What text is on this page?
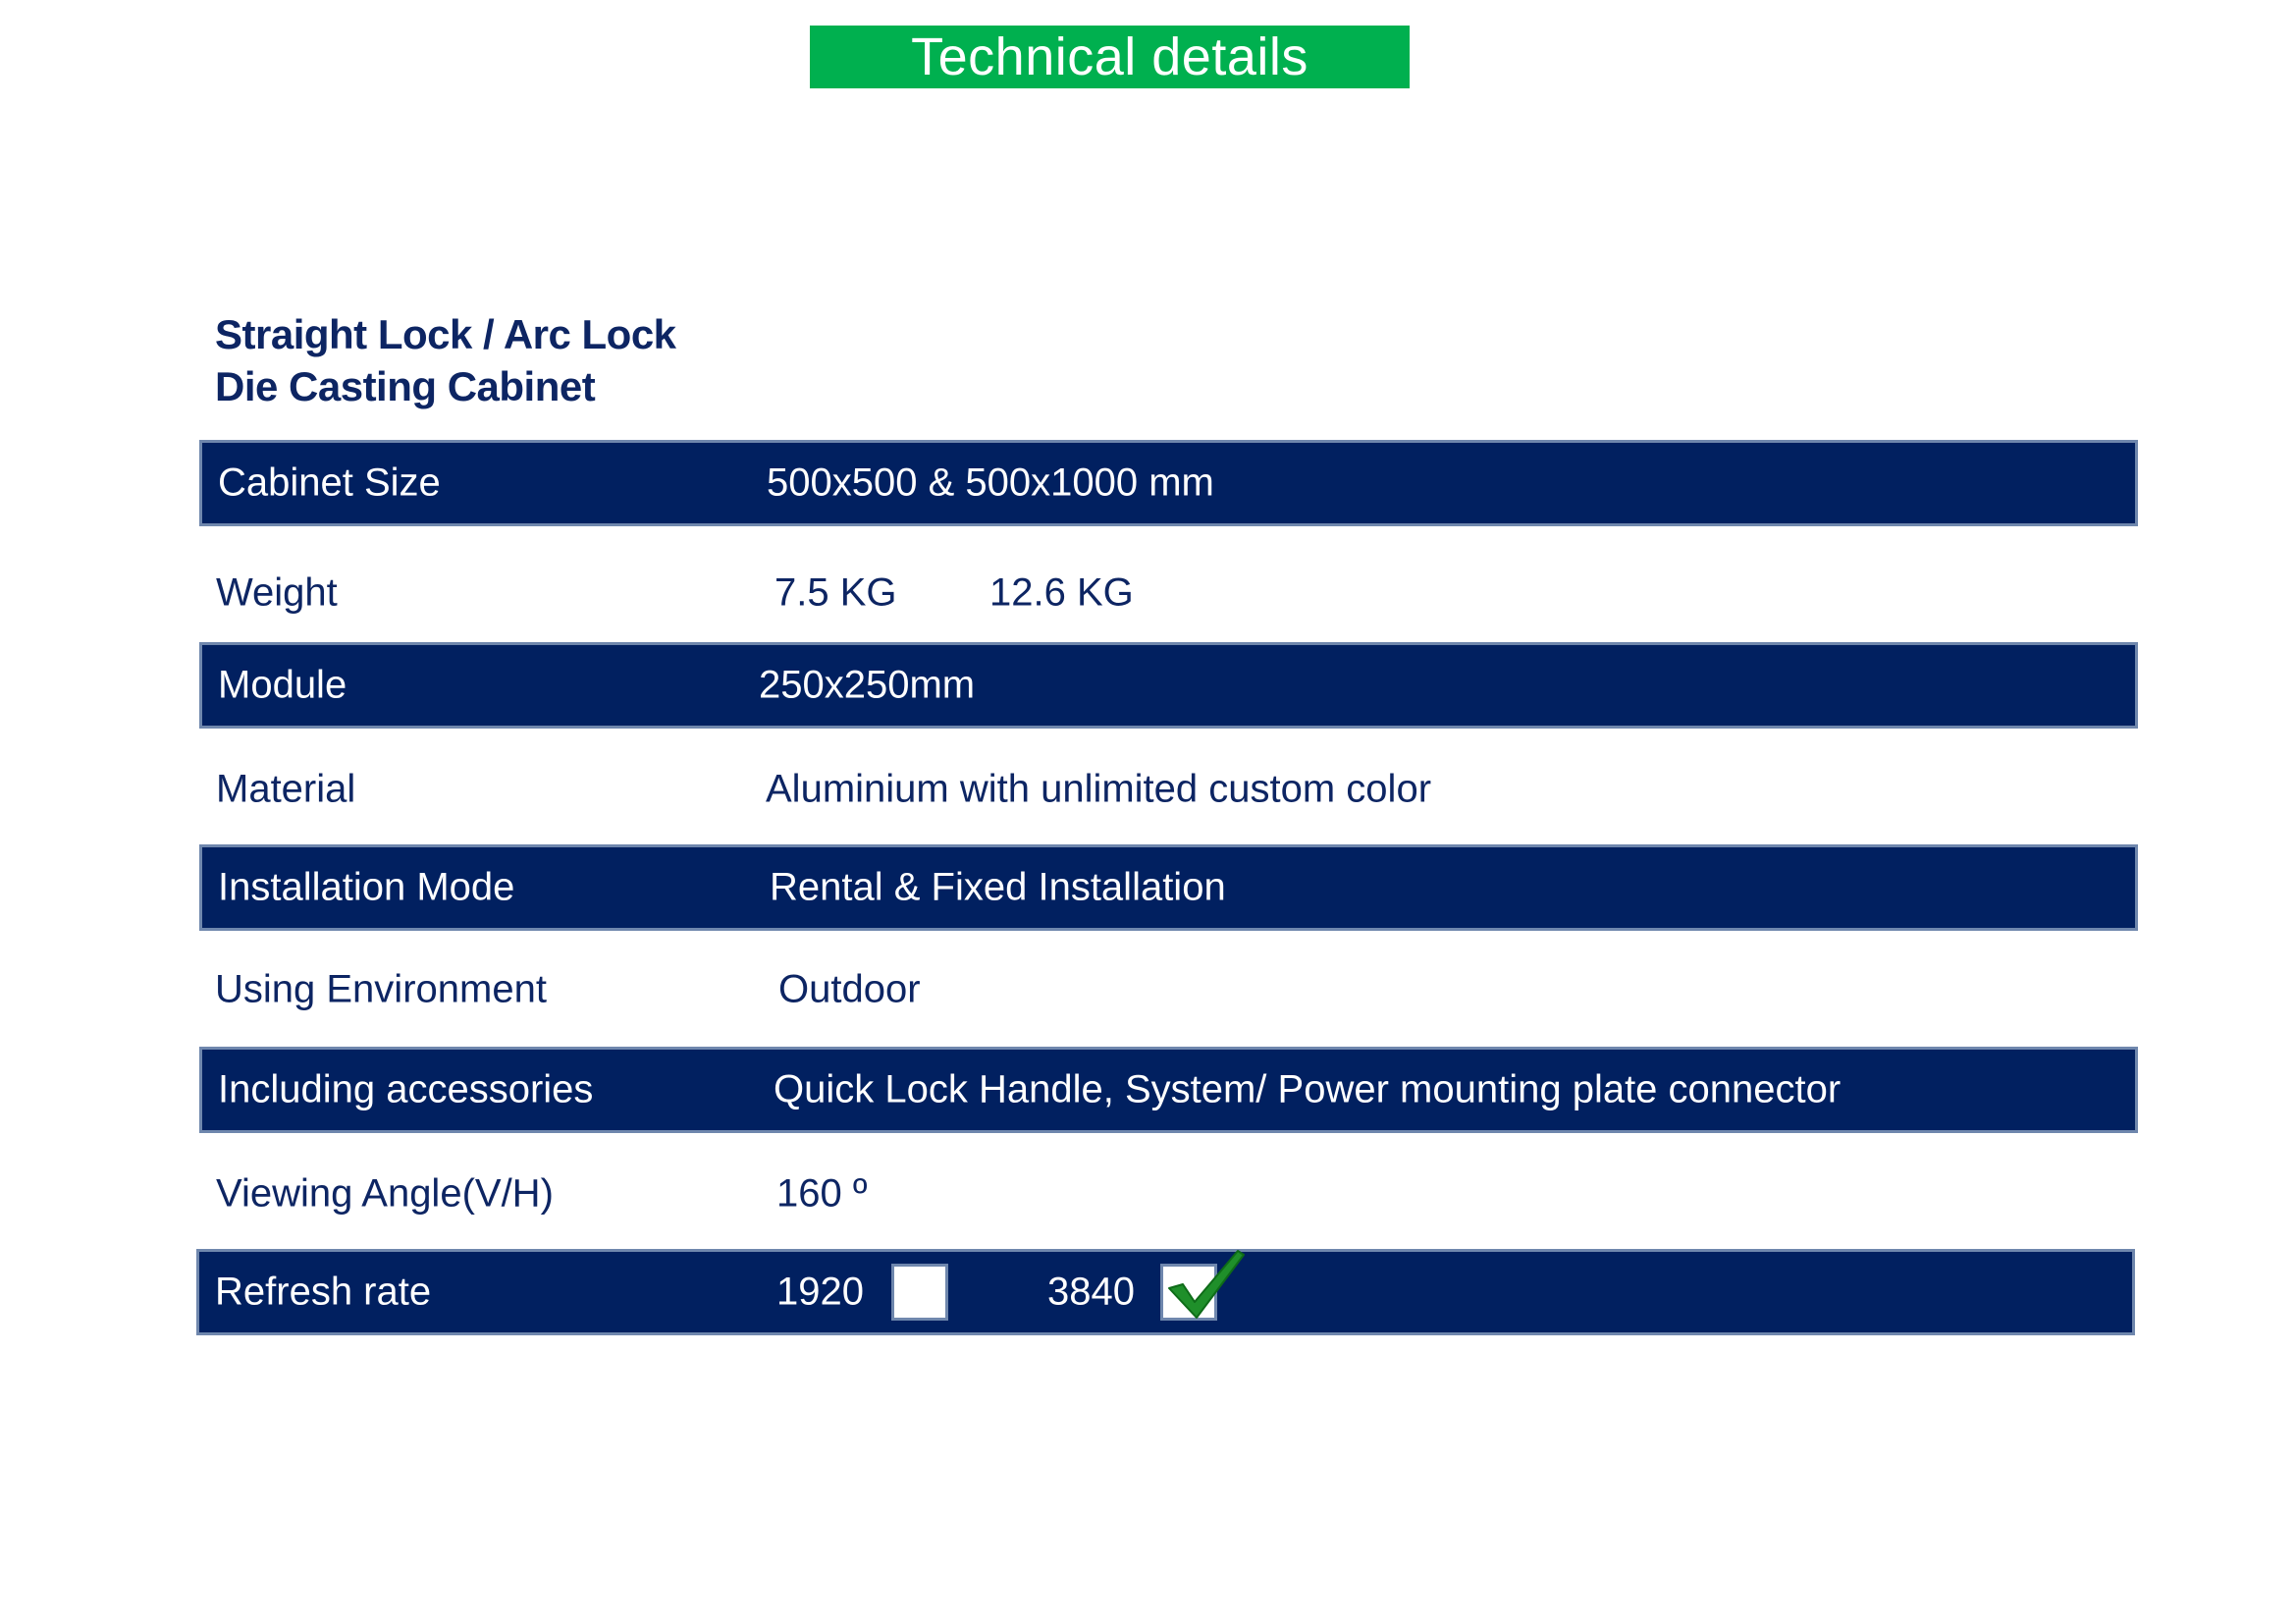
Technical details
Straight Lock / Arc Lock
Die Casting Cabinet
Cabinet Size	500x500 & 500x1000 mm
Weight	7.5 KG 12.6 KG
Module	250x250mm
Material	Aluminium with unlimited custom color
Installation Mode	Rental & Fixed Installation
Using Environment	Outdoor
Including accessories	Quick Lock Handle, System/ Power mounting plate connector
Viewing Angle(V/H)	160 º
Refresh rate	1920	3840
